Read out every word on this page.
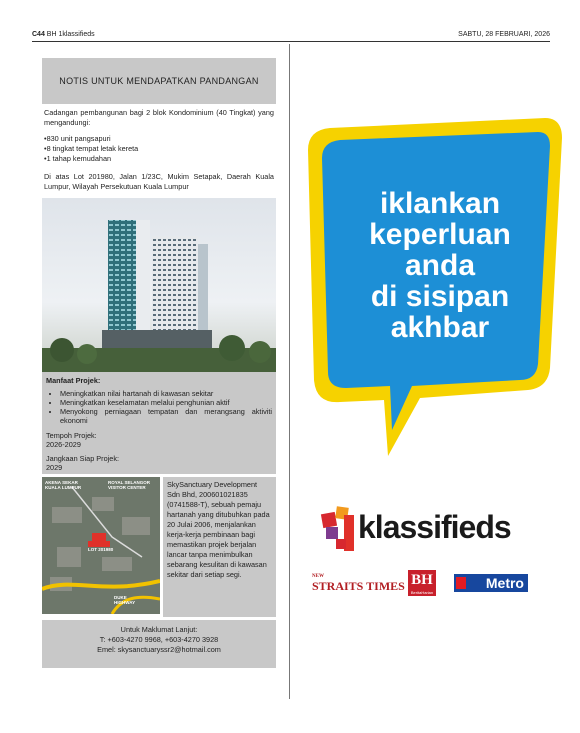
C44 BH 1klassifieds	SABTU, 28 FEBRUARI, 2026
NOTIS UNTUK MENDAPATKAN PANDANGAN

Cadangan pembangunan bagi 2 blok Kondominium (40 Tingkat) yang mengandungi:

• 830 unit pangsapuri
• 8 tingkat tempat letak kereta
• 1 tahap kemudahan

Di atas Lot 201980, Jalan 1/23C, Mukim Setapak, Daerah Kuala Lumpur, Wilayah Persekutuan Kuala Lumpur

Manfaat Projek:
• Meningkatkan nilai hartanah di kawasan sekitar
• Meningkatkan keselamatan melalui penghunian aktif
• Menyokong perniagaan tempatan dan merangsang aktiviti ekonomi

Tempoh Projek:

2026-2029

Jangkaan Siap Projek:

2029

AKENA SEKAR
KUALA LUMPUR
ROYAL SELANGOR
VISITOR CENTER
LOT 201980
DUKE
HIGHWAY
SkySanctuary Development Sdn Bhd, 200601021835 (0741588-T), sebuah pemaju hartanah yang ditubuhkan pada 20 Julai 2006, menjalankan kerja-kerja pembinaan bagi memastikan projek berjalan lancar tanpa menimbulkan sebarang kesulitan di kawasan sekitar dari setiap segi.
Untuk Maklumat Lanjut:
T: +603-4270 9968, +603-4270 3928
Emel: skysanctuaryssr2@hotmail.com
iklankan
keperluan
anda
di sisipan
akhbar
klassifieds
NEW
STRAITS TIMES BH
BeritaHarian
Metro
